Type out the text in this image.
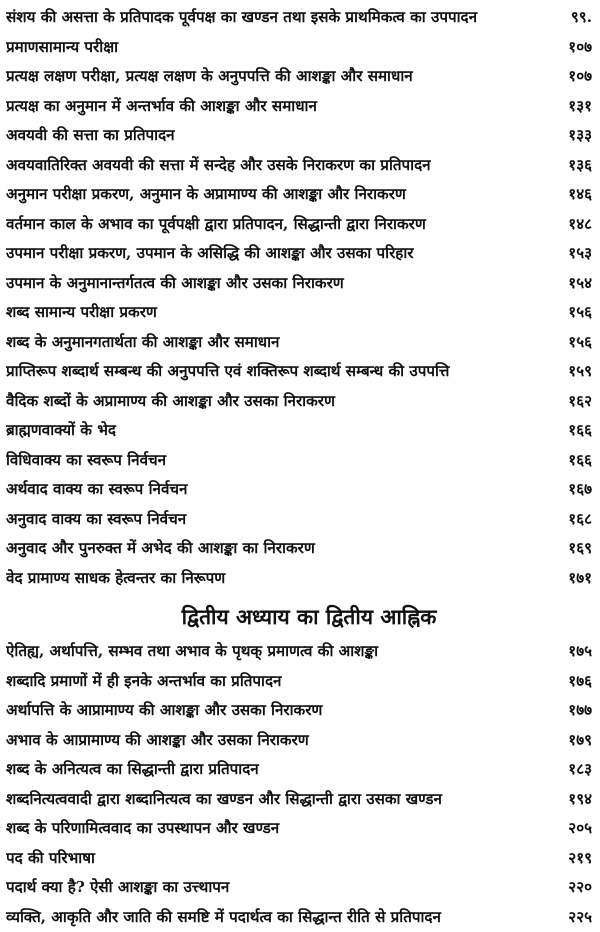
संशय की असत्ता के प्रतिपादक पूर्वपक्ष का खण्डन तथा इसके प्राथमिकत्व का उपपादन	९९.
प्रमाणसामान्य परीक्षा	१०७
प्रत्यक्ष लक्षण परीक्षा, प्रत्यक्ष लक्षण के अनुपपत्ति की आशङ्का और समाधान	१०७
प्रत्यक्ष का अनुमान में अन्तर्भाव की आशङ्का और समाधान	१३१
अवयवी की सत्ता का प्रतिपादन	१३३
अवयवातिरिक्त अवयवी की सत्ता में सन्देह और उसके निराकरण का प्रतिपादन	१३६
अनुमान परीक्षा प्रकरण, अनुमान के अप्रामाण्य की आशङ्का और निराकरण	१४६
वर्तमान काल के अभाव का पूर्वपक्षी द्वारा प्रतिपादन, सिद्धान्ती द्वारा निराकरण	१४८
उपमान परीक्षा प्रकरण, उपमान के असिद्धि की आशङ्का और उसका परिहार	१५३
उपमान के अनुमानान्तर्गतत्व की आशङ्का और उसका निराकरण	१५४
शब्द सामान्य परीक्षा प्रकरण	१५६
शब्द के अनुमानगतार्थता की आशङ्का और समाधान	१५६
प्राप्तिरूप शब्दार्थ सम्बन्ध की अनुपपत्ति एवं शक्तिरूप शब्दार्थ सम्बन्ध की उपपत्ति	१५९
वैदिक शब्दों के अप्रामाण्य की आशङ्का और उसका निराकरण	१६२
ब्राह्मणवाक्यों के भेद	१६६
विधिवाक्य का स्वरूप निर्वचन	१६६
अर्थवाद वाक्य का स्वरूप निर्वचन	१६७
अनुवाद वाक्य का स्वरूप निर्वचन	१६८
अनुवाद और पुनरुक्त में अभेद की आशङ्का का निराकरण	१६९
वेद प्रामाण्य साधक हेत्वन्तर का निरूपण	१७१
द्वितीय अध्याय का द्वितीय आह्निक
ऐतिह्य, अर्थापत्ति, सम्भव तथा अभाव के पृथक् प्रमाणत्व की आशङ्का	१७५
शब्दादि प्रमाणों में ही इनके अन्तर्भाव का प्रतिपादन	१७६
अर्थापत्ति के आप्रामाण्य की आशङ्का और उसका निराकरण	१७७
अभाव के आप्रामाण्य की आशङ्का और उसका निराकरण	१७९
शब्द के अनित्यत्व का सिद्धान्ती द्वारा प्रतिपादन	१८३
शब्दनित्यत्ववादी द्वारा शब्दानित्यत्व का खण्डन और सिद्धान्ती द्वारा उसका खण्डन	१९४
शब्द के परिणामित्ववाद का उपस्थापन और खण्डन	२०५
पद की परिभाषा	२१९
पदार्थ क्या है? ऐसी आशङ्का का उत्त्थापन	२२०
व्यक्ति, आकृति और जाति की समष्टि में पदार्थत्व का सिद्धान्त रीति से प्रतिपादन	२२५
